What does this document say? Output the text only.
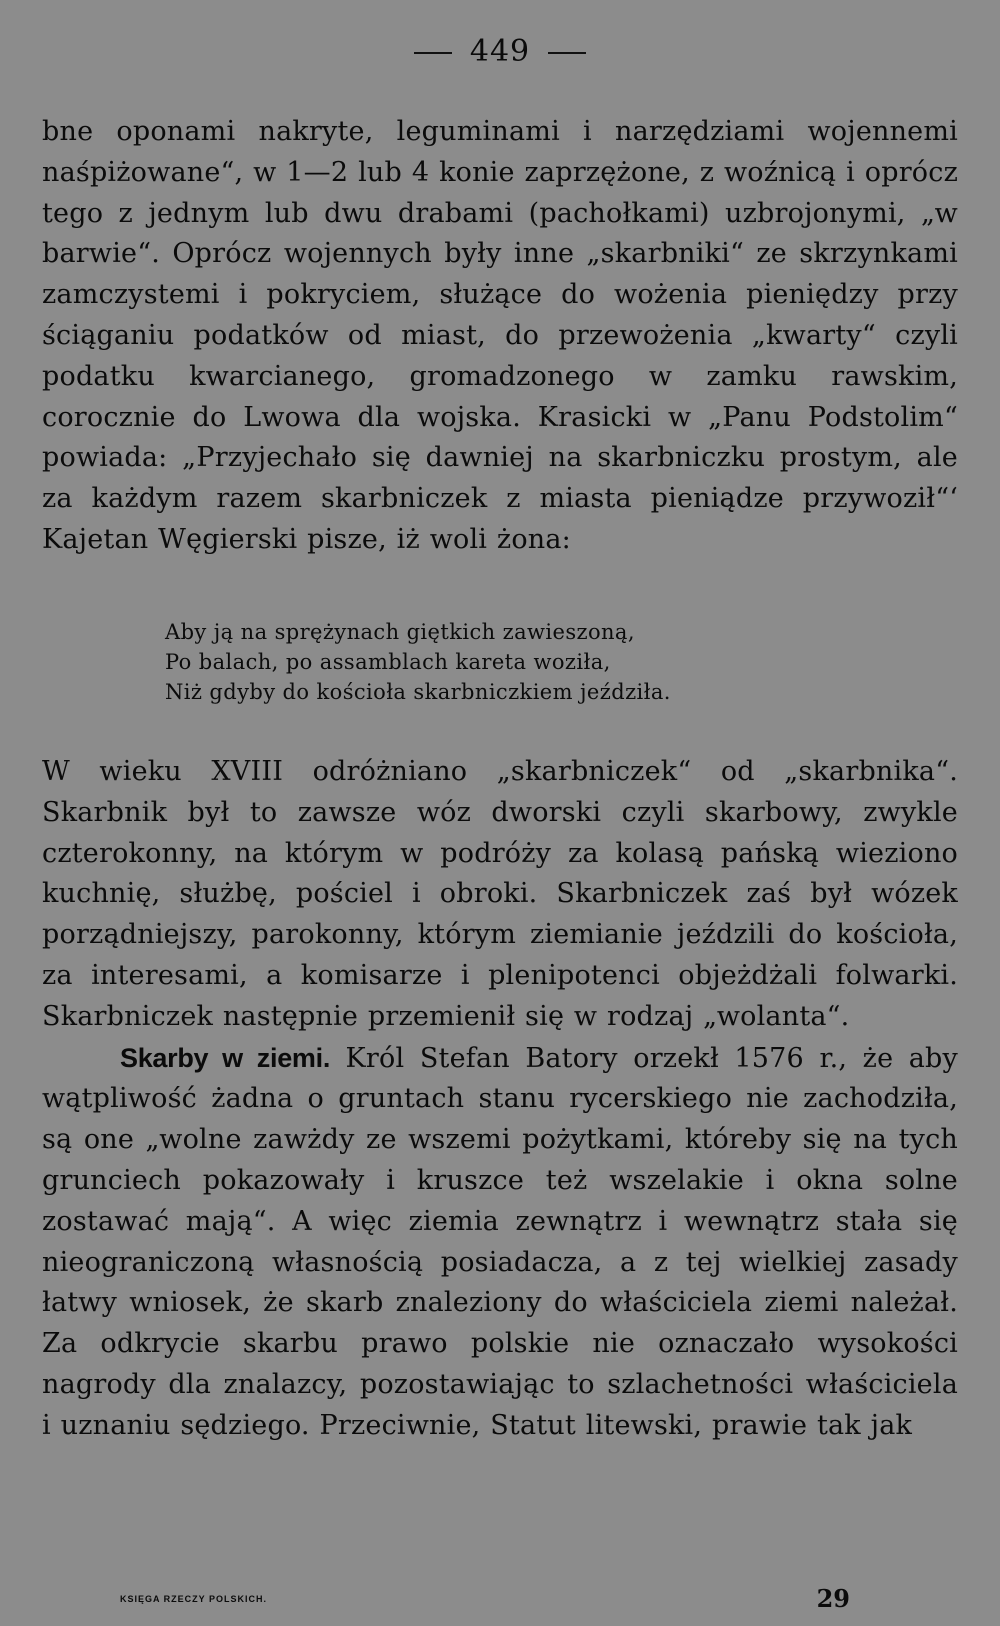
449
bne oponami nakryte, leguminami i narzędziami wojennemi naśpiżowane“, w 1—2 lub 4 konie zaprzężone, z woźnicą i oprócz tego z jednym lub dwu drabami (pachołkami) uzbrojonymi, „w barwie“. Oprócz wojennych były inne „skarbniki“ ze skrzynkami zamczystemi i pokryciem, służące do wożenia pieniędzy przy ściąganiu podatków od miast, do przewożenia „kwarty“ czyli podatku kwarcianego, gromadzonego w zamku rawskim, corocznie do Lwowa dla wojska. Krasicki w „Panu Podstolim“ powiada: „Przyjechało się dawniej na skarbniczku prostym, ale za każdym razem skarbniczek z miasta pieniądze przywoził“‘ Kajetan Węgierski pisze, iż woli żona:
Aby ją na sprężynach giętkich zawieszoną,
Po balach, po assamblach kareta woziła,
Niż gdyby do kościoła skarbniczkiem jeździła.
W wieku XVIII odróżniano „skarbniczek“ od „skarbnika“. Skarbnik był to zawsze wóz dworski czyli skarbowy, zwykle czterokonny, na którym w podróży za kolasą pańską wieziono kuchnię, służbę, pościel i obroki. Skarbniczek zaś był wózek porządniejszy, parokonny, którym ziemianie jeździli do kościoła, za interesami, a komisarze i plenipotenci objeżdżali folwarki. Skarbniczek następnie przemienił się w rodzaj „wolanta“.
Skarby w ziemi. Król Stefan Batory orzekł 1576 r., że aby wątpliwość żadna o gruntach stanu rycerskiego nie zachodziła, są one „wolne zawżdy ze wszemi pożytkami, któreby się na tych grunciech pokazowały i kruszce też wszelakie i okna solne zostawać mają“. A więc ziemia zewnątrz i wewnątrz stała się nieograniczoną własnością posiadacza, a z tej wielkiej zasady łatwy wniosek, że skarb znaleziony do właściciela ziemi należał. Za odkrycie skarbu prawo polskie nie oznaczało wysokości nagrody dla znalazcy, pozostawiając to szlachetności właściciela i uznaniu sędziego. Przeciwnie, Statut litewski, prawie tak jak
KSIĘGA RZECZY POLSKICH.	29
